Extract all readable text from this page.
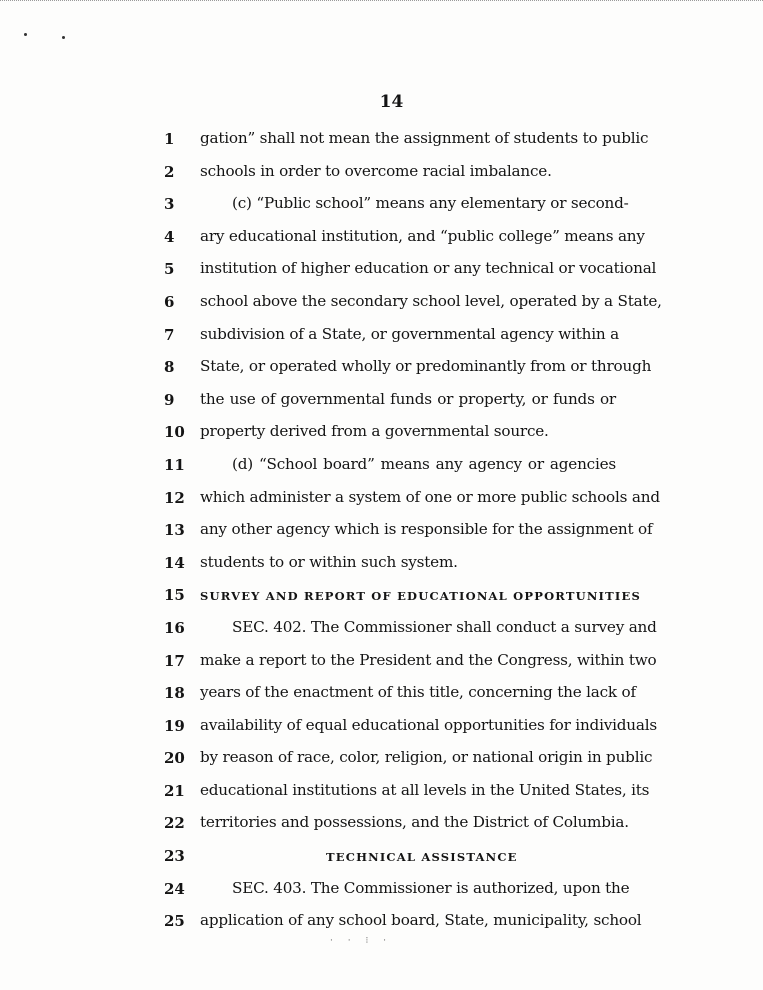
14
1	gation” shall not mean the assignment of students to public
2	schools in order to overcome racial imbalance.
3	(c) “Public school” means any elementary or second-
4	ary educational institution, and “public college” means any
5	institution of higher education or any technical or vocational
6	school above the secondary school level, operated by a State,
7	subdivision of a State, or governmental agency within a
8	State, or operated wholly or predominantly from or through
9	the use of governmental funds or property, or funds or
10 property derived from a governmental source.
11	(d) “School board” means any agency or agencies
12 which administer a system of one or more public schools and
13 any other agency which is responsible for the assignment of
14 students to or within such system.
15	SURVEY AND REPORT OF EDUCATIONAL OPPORTUNITIES
16	SEC. 402. The Commissioner shall conduct a survey and
17 make a report to the President and the Congress, within two
18 years of the enactment of this title, concerning the lack of
19 availability of equal educational opportunities for individuals
20 by reason of race, color, religion, or national origin in public
21 educational institutions at all levels in the United States, its
22 territories and possessions, and the District of Columbia.
23	TECHNICAL ASSISTANCE
24	SEC. 403. The Commissioner is authorized, upon the
25 application of any school board, State, municipality, school
· · ⁝ ·
